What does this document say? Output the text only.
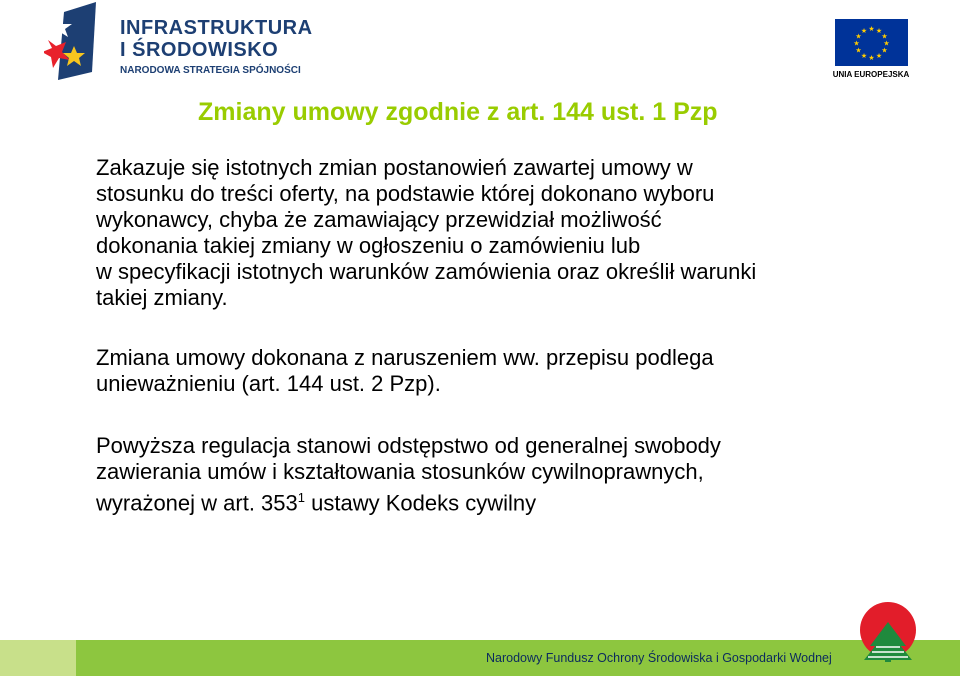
INFRASTRUKTURA
I ŚRODOWISKO
NARODOWA STRATEGIA SPÓJNOŚCI
★ ★
★
★
★
★
★
★
★
★
★
★
UNIA EUROPEJSKA
Zmiany umowy zgodnie z art. 144 ust. 1 Pzp

Zakazuje się istotnych zmian postanowień zawartej umowy w
stosunku do treści oferty, na podstawie której dokonano wyboru
wykonawcy, chyba że zamawiający przewidział możliwość
dokonania takiej zmiany w ogłoszeniu o zamówieniu lub
w specyfikacji istotnych warunków zamówienia oraz określił warunki
takiej zmiany.

Zmiana umowy dokonana z naruszeniem ww. przepisu podlega
unieważnieniu (art. 144 ust. 2 Pzp).

Powyższa regulacja stanowi odstępstwo od generalnej swobody
zawierania umów i kształtowania stosunków cywilnoprawnych,
wyrażonej w art. $353^1$ ustawy Kodeks cywilny

Narodowy Fundusz Ochrony Środowiska i Gospodarki Wodnej
